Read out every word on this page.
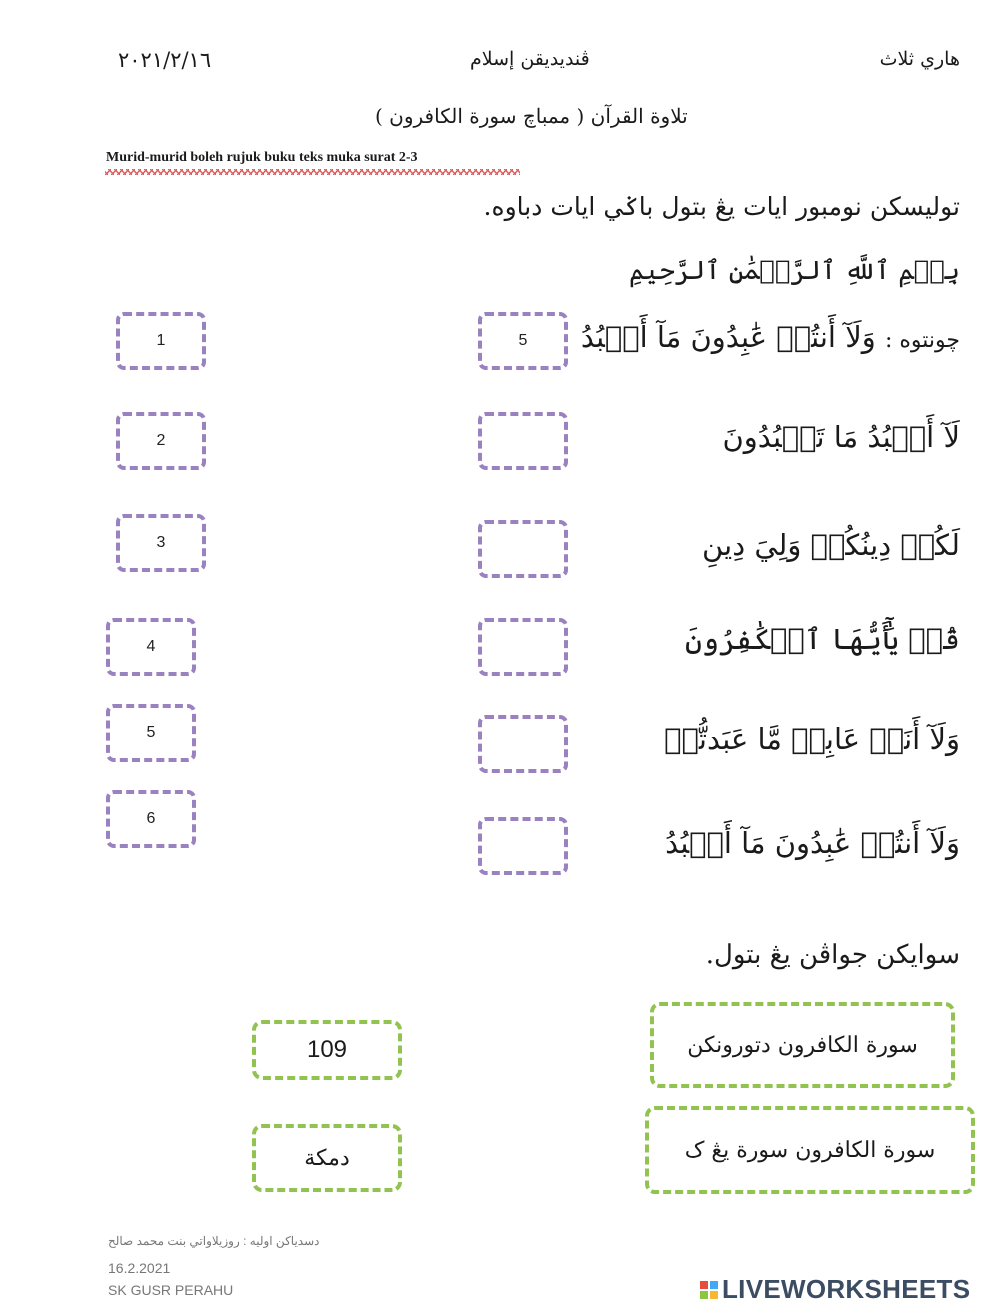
هاري ثلاث
ڤنديديقن إسلام
٢٠٢١/٢/١٦
تلاوة القرآن ( ممباچ سورة الكافرون )
Murid-murid boleh rujuk buku teks muka surat 2-3
توليسكن نومبور ايات يڠ بتول باݢي ايات دباوه.
بِسۡمِ ٱللَّهِ ٱلرَّحۡمَٰنِ ٱلرَّحِيمِ
چونتوه : وَلَآ أَنتُمۡ عَٰبِدُونَ مَآ أَعۡبُدُ
5
لَآ أَعۡبُدُ مَا تَعۡبُدُونَ
لَكُمۡ دِينُكُمۡ وَلِيَ دِينِ
قُلۡ يَٰٓأَيُّهَا ٱلۡكَٰفِرُونَ
وَلَآ أَنَا۠ عَابِدٞ مَّا عَبَدتُّمۡ
وَلَآ أَنتُمۡ عَٰبِدُونَ مَآ أَعۡبُدُ
1
2
3
4
5
6
سوايكن جواڤن يڠ بتول.
سورة الكافرون دتورونكن
سورة الكافرون سورة يڠ ک
109
دمکة
دسدياكن اوليه : روزيلاواتي بنت محمد صالح
16.2.2021
SK GUSR PERAHU	LIVEWORKSHEETS
